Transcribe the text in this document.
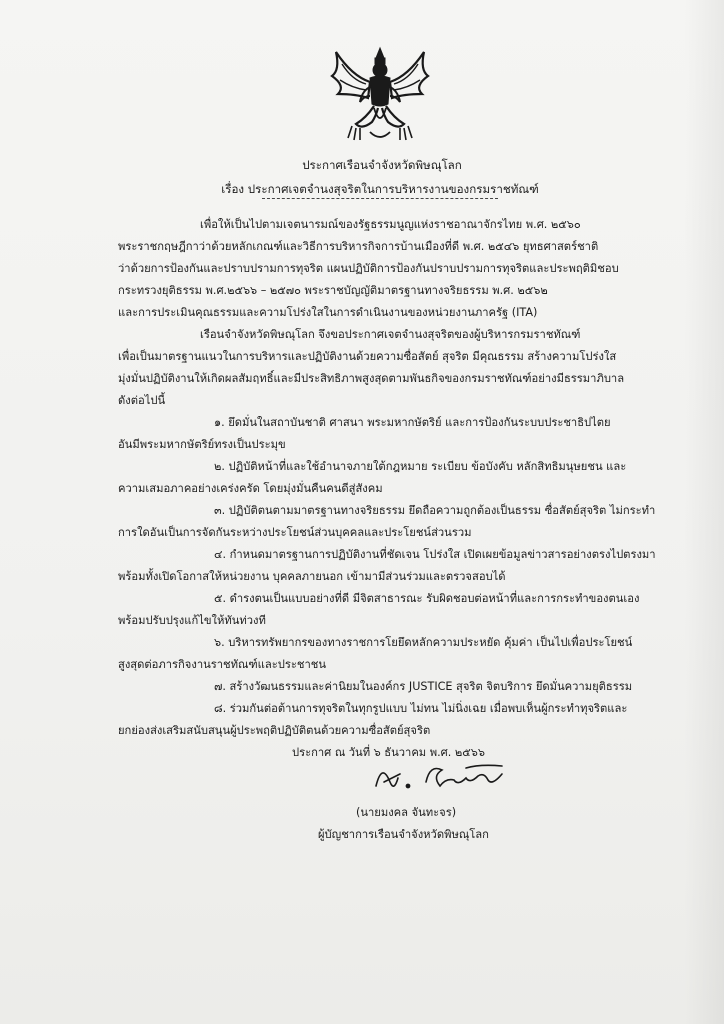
ประกาศเรือนจำจังหวัดพิษณุโลก
เรื่อง ประกาศเจตจำนงสุจริตในการบริหารงานของกรมราชทัณฑ์
เพื่อให้เป็นไปตามเจตนารมณ์ของรัฐธรรมนูญแห่งราชอาณาจักรไทย พ.ศ. ๒๕๖๐
พระราชกฤษฎีกาว่าด้วยหลักเกณฑ์และวิธีการบริหารกิจการบ้านเมืองที่ดี พ.ศ. ๒๕๔๖ ยุทธศาสตร์ชาติ
ว่าด้วยการป้องกันและปราบปรามการทุจริต แผนปฏิบัติการป้องกันปราบปรามการทุจริตและประพฤติมิชอบ
กระทรวงยุติธรรม พ.ศ.๒๕๖๖ – ๒๕๗๐ พระราชบัญญัติมาตรฐานทางจริยธรรม พ.ศ. ๒๕๖๒
และการประเมินคุณธรรมและความโปร่งใสในการดำเนินงานของหน่วยงานภาครัฐ (ITA)
เรือนจำจังหวัดพิษณุโลก จึงขอประกาศเจตจำนงสุจริตของผู้บริหารกรมราชทัณฑ์
เพื่อเป็นมาตรฐานแนวในการบริหารและปฏิบัติงานด้วยความซื่อสัตย์ สุจริต มีคุณธรรม สร้างความโปร่งใส
มุ่งมั่นปฏิบัติงานให้เกิดผลสัมฤทธิ์และมีประสิทธิภาพสูงสุดตามพันธกิจของกรมราชทัณฑ์อย่างมีธรรมาภิบาล
ดังต่อไปนี้
๑. ยึดมั่นในสถาบันชาติ ศาสนา พระมหากษัตริย์ และการป้องกันระบบประชาธิปไตย
อันมีพระมหากษัตริย์ทรงเป็นประมุข
๒. ปฏิบัติหน้าที่และใช้อำนาจภายใต้กฎหมาย ระเบียบ ข้อบังคับ หลักสิทธิมนุษยชน และ
ความเสมอภาคอย่างเคร่งครัด โดยมุ่งมั่นคืนคนดีสู่สังคม
๓. ปฏิบัติตนตามมาตรฐานทางจริยธรรม ยึดถือความถูกต้องเป็นธรรม ซื่อสัตย์สุจริต ไม่กระทำ
การใดอันเป็นการจัดกันระหว่างประโยชน์ส่วนบุคคลและประโยชน์ส่วนรวม
๔. กำหนดมาตรฐานการปฏิบัติงานที่ชัดเจน โปร่งใส เปิดเผยข้อมูลข่าวสารอย่างตรงไปตรงมา
พร้อมทั้งเปิดโอกาสให้หน่วยงาน บุคคลภายนอก เข้ามามีส่วนร่วมและตรวจสอบได้
๕. ดำรงตนเป็นแบบอย่างที่ดี มีจิตสาธารณะ รับผิดชอบต่อหน้าที่และการกระทำของตนเอง
พร้อมปรับปรุงแก้ไขให้ทันท่วงที
๖. บริหารทรัพยากรของทางราชการโยยึดหลักความประหยัด คุ้มค่า เป็นไปเพื่อประโยชน์
สูงสุดต่อภารกิจงานราชทัณฑ์และประชาชน
๗. สร้างวัฒนธรรมและค่านิยมในองค์กร JUSTICE สุจริต จิตบริการ ยึดมั่นความยุติธรรม
๘. ร่วมกันต่อต้านการทุจริตในทุกรูปแบบ ไม่ทน ไม่นิ่งเฉย เมื่อพบเห็นผู้กระทำทุจริตและ
ยกย่องส่งเสริมสนับสนุนผู้ประพฤติปฏิบัติตนด้วยความซื่อสัตย์สุจริต
ประกาศ ณ วันที่ ๖ ธันวาคม พ.ศ. ๒๕๖๖
(นายมงคล จันทะจร)
ผู้บัญชาการเรือนจำจังหวัดพิษณุโลก
